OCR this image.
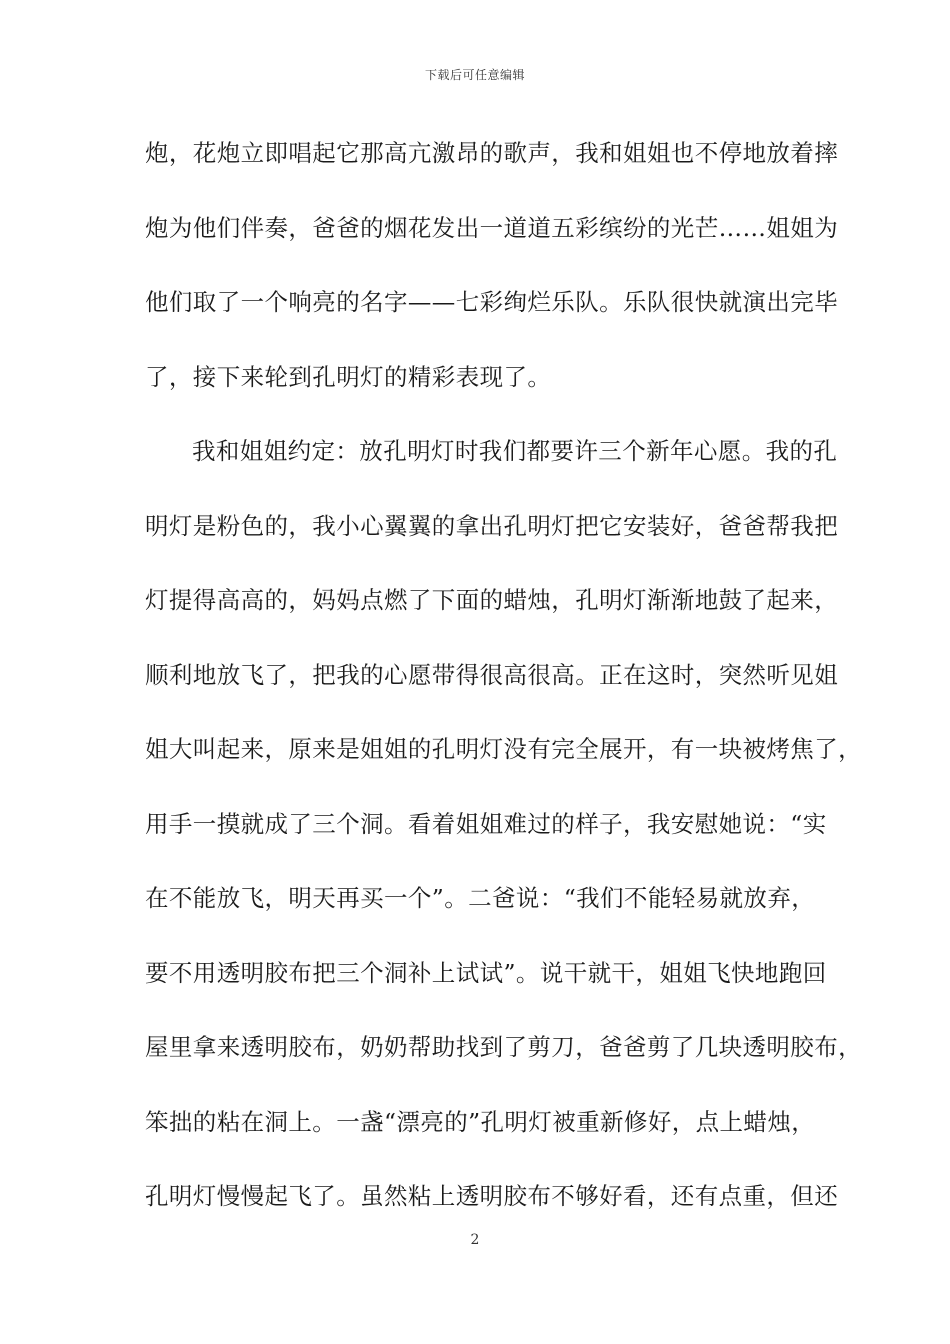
下载后可任意编辑
炮，花炮立即唱起它那高亢激昂的歌声，我和姐姐也不停地放着摔
炮为他们伴奏，爸爸的烟花发出一道道五彩缤纷的光芒……姐姐为
他们取了一个响亮的名字——七彩绚烂乐队。乐队很快就演出完毕
了，接下来轮到孔明灯的精彩表现了。
我和姐姐约定：放孔明灯时我们都要许三个新年心愿。我的孔
明灯是粉色的，我小心翼翼的拿出孔明灯把它安装好，爸爸帮我把
灯提得高高的，妈妈点燃了下面的蜡烛，孔明灯渐渐地鼓了起来，
顺利地放飞了，把我的心愿带得很高很高。正在这时，突然听见姐
姐大叫起来，原来是姐姐的孔明灯没有完全展开，有一块被烤焦了，
用手一摸就成了三个洞。看着姐姐难过的样子，我安慰她说：“实
在不能放飞，明天再买一个”。二爸说：“我们不能轻易就放弃，
要不用透明胶布把三个洞补上试试”。说干就干，姐姐飞快地跑回
屋里拿来透明胶布，奶奶帮助找到了剪刀，爸爸剪了几块透明胶布，
笨拙的粘在洞上。一盏“漂亮的”孔明灯被重新修好，点上蜡烛，
孔明灯慢慢起飞了。虽然粘上透明胶布不够好看，还有点重，但还
2
